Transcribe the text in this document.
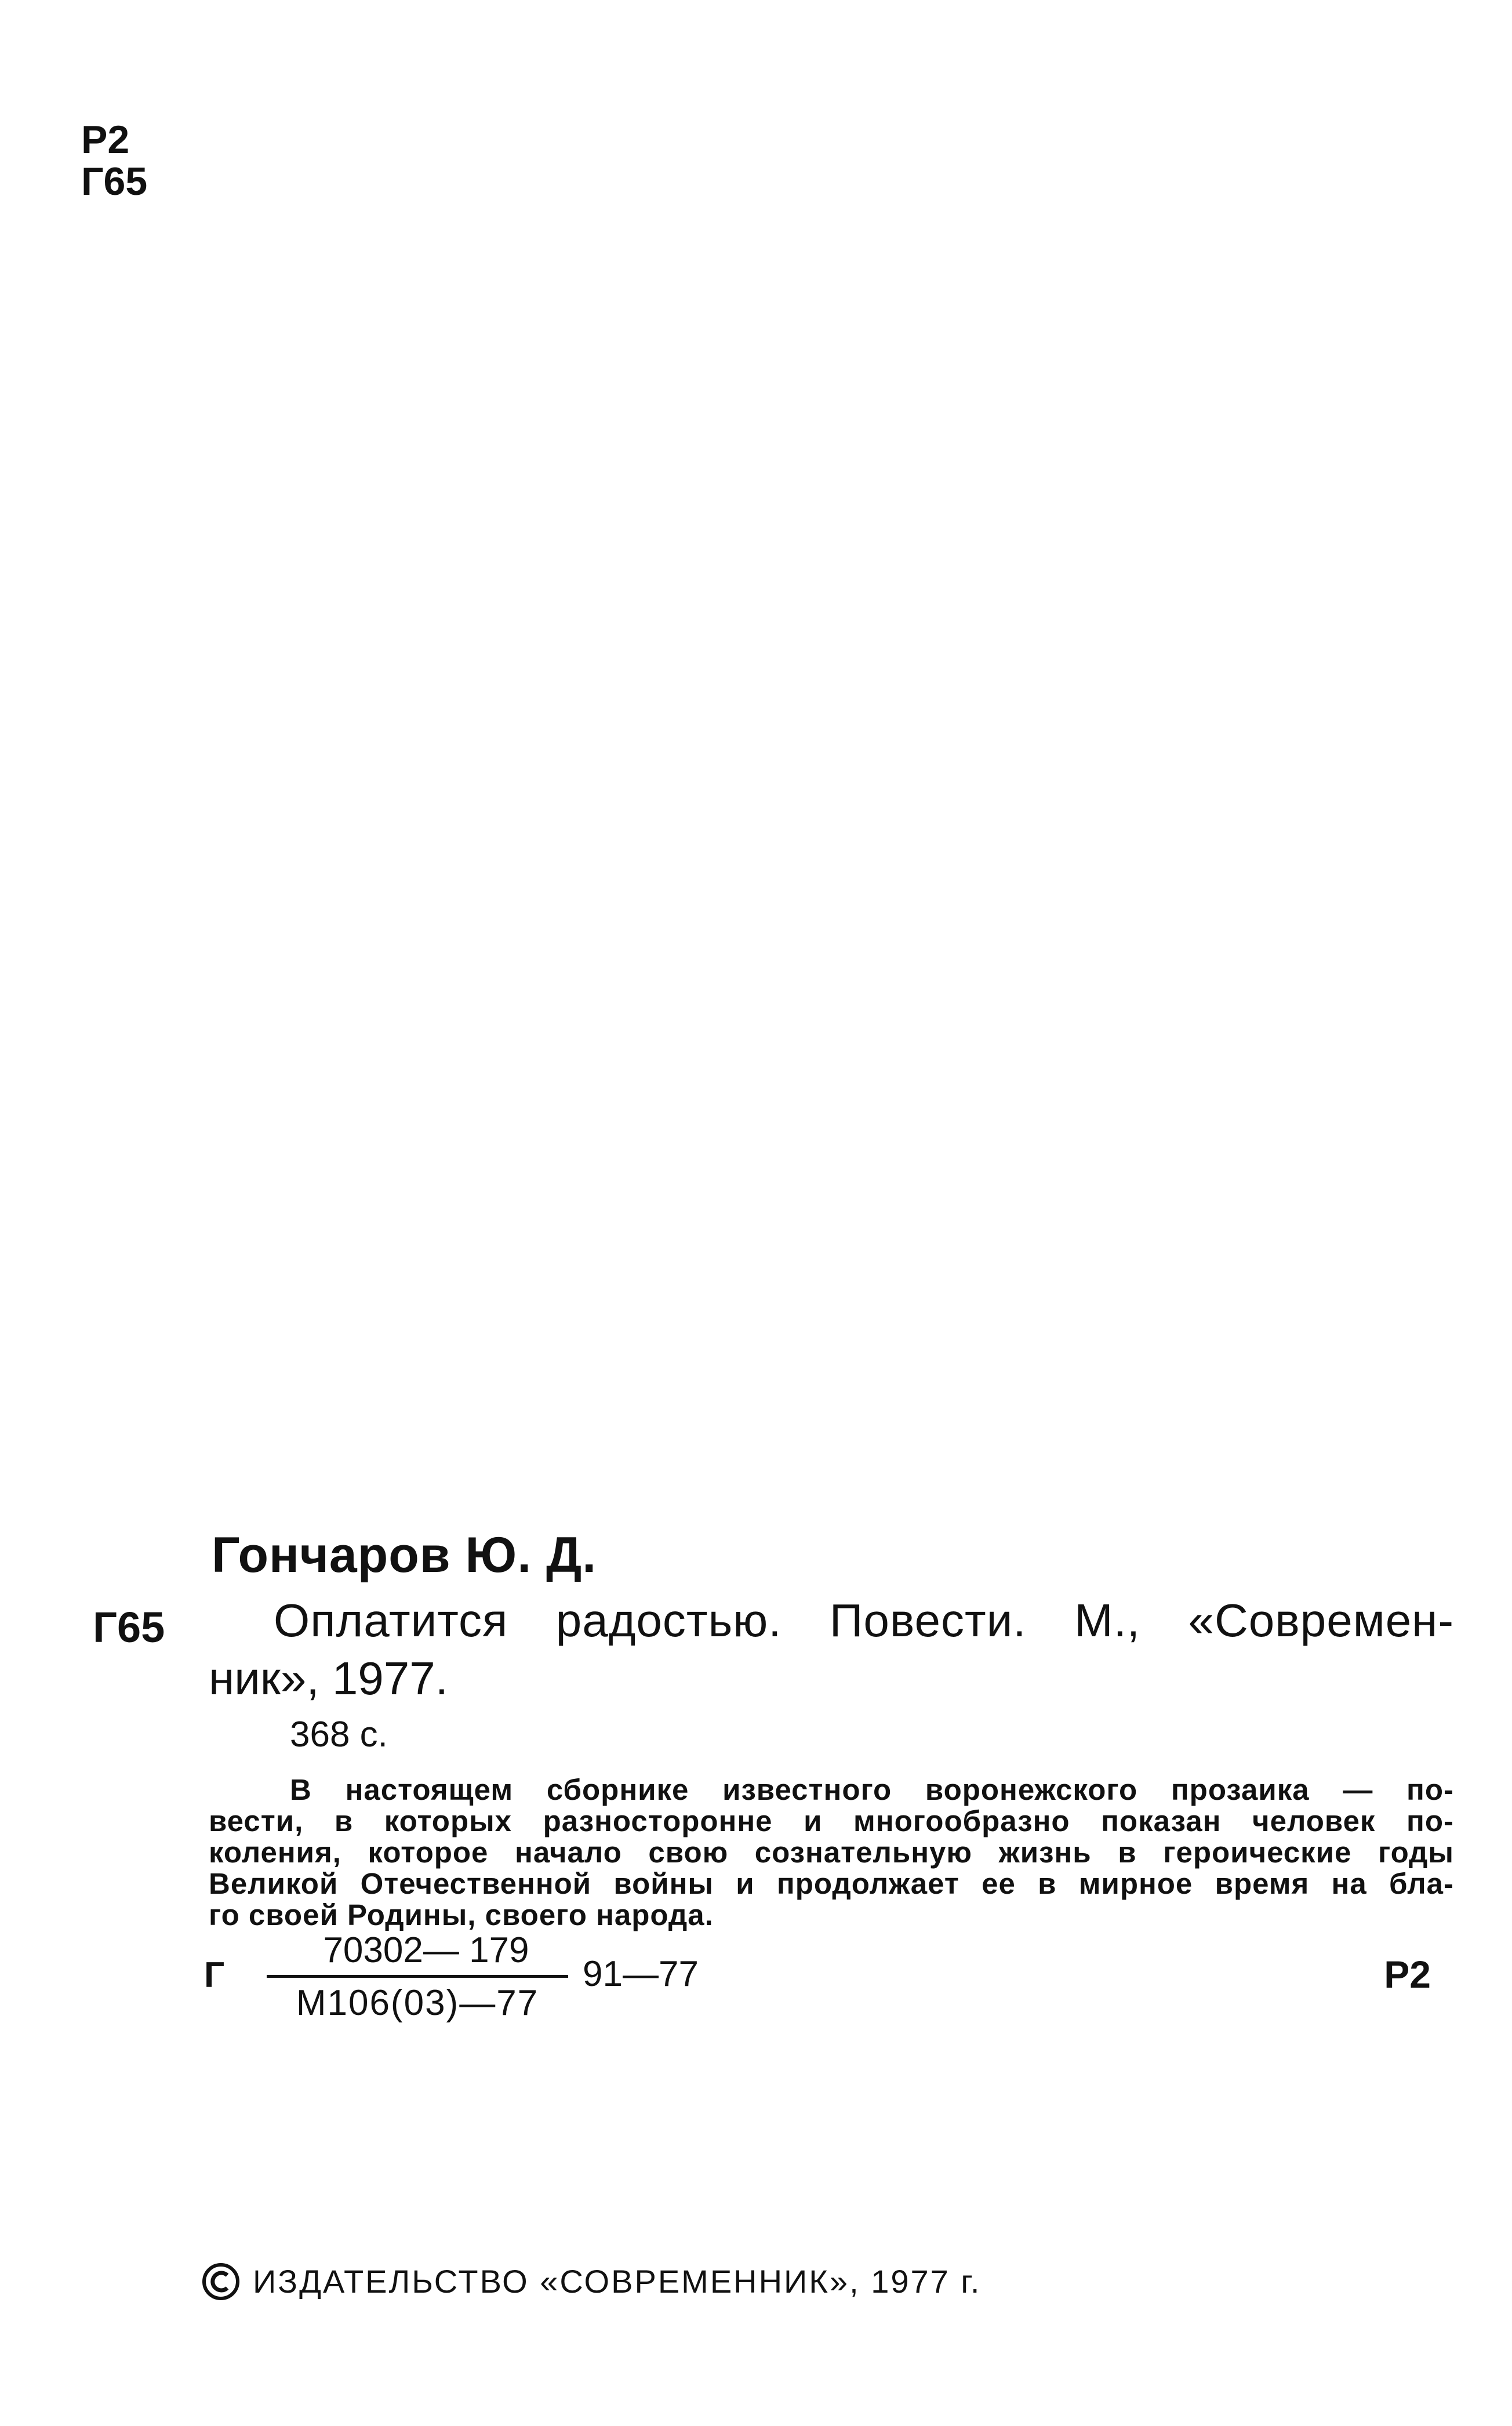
Р2
Г65
Гончаров Ю. Д.
Г65 Оплатится радостью. Повести. М., «Современ-
ник», 1977.
368 с.
В настоящем сборнике известного воронежского прозаика — по-
вести, в которых разносторонне и многообразно показан человек по-
коления, которое начало свою сознательную жизнь в героические годы
Великой Отечественной войны и продолжает ее в мирное время на бла-
го своей Родины, своего народа.
Г
70302— 179
М106(03)—77
91—77	Р2
ИЗДАТЕЛЬСТВО «СОВРЕМЕННИК», 1977 г.
